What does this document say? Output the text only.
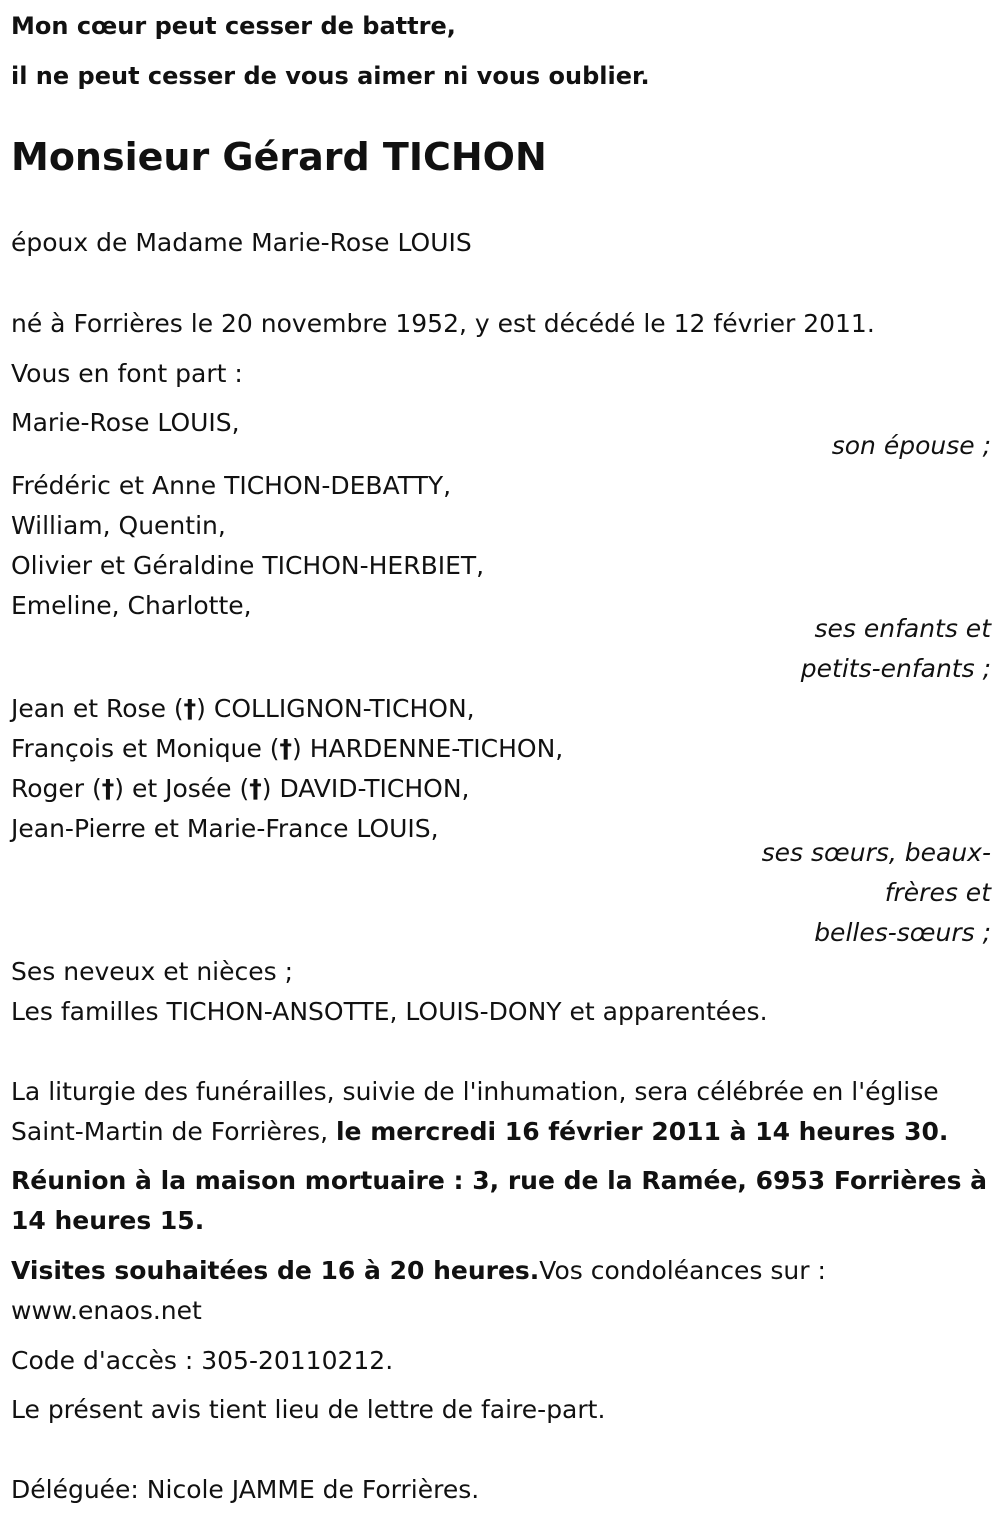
Mon cœur peut cesser de battre,
il ne peut cesser de vous aimer ni vous oublier.
Monsieur Gérard TICHON
époux de Madame Marie-Rose LOUIS
né à Forrières le 20 novembre 1952, y est décédé le 12 février 2011.
Vous en font part :
Marie-Rose LOUIS,
son épouse ;
Frédéric et Anne TICHON-DEBATTY,
William, Quentin,
Olivier et Géraldine TICHON-HERBIET,
Emeline, Charlotte,
ses enfants et
petits-enfants ;
Jean et Rose (†) COLLIGNON-TICHON,
François et Monique (†) HARDENNE-TICHON,
Roger (†) et Josée (†) DAVID-TICHON,
Jean-Pierre et Marie-France LOUIS,
ses sœurs, beaux-
frères et
belles-sœurs ;
Ses neveux et nièces ;
Les familles TICHON-ANSOTTE, LOUIS-DONY et apparentées.
La liturgie des funérailles, suivie de l'inhumation, sera célébrée en l'église
Saint-Martin de Forrières, le mercredi 16 février 2011 à 14 heures 30.
Réunion à la maison mortuaire : 3, rue de la Ramée, 6953 Forrières à
14 heures 15.
Visites souhaitées de 16 à 20 heures.Vos condoléances sur :
www.enaos.net
Code d'accès : 305-20110212.
Le présent avis tient lieu de lettre de faire-part.
Déléguée: Nicole JAMME de Forrières.
